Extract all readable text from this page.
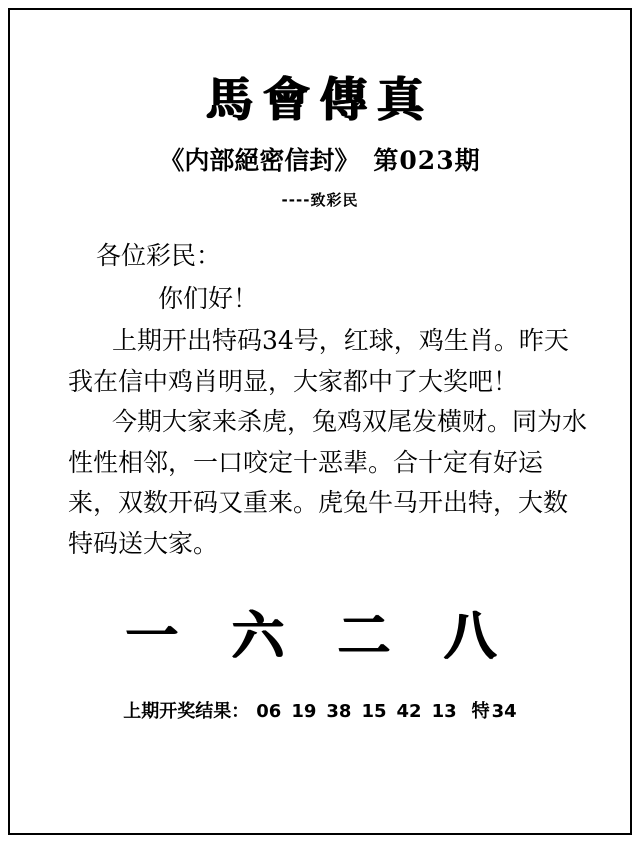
馬會傳真
《内部絕密信封》 第023期
----致彩民

各位彩民：

你们好！

上期开出特码34号，红球，鸡生肖。昨天我在信中鸡肖明显，大家都中了大奖吧！

今期大家来杀虎，兔鸡双尾发横财。同为水性性相邻，一口咬定十恶辈。合十定有好运来，双数开码又重来。虎兔牛马开出特，大数特码送大家。

一 六 二 八
上期开奖结果： 06 19 38 15 42 13 特 34
